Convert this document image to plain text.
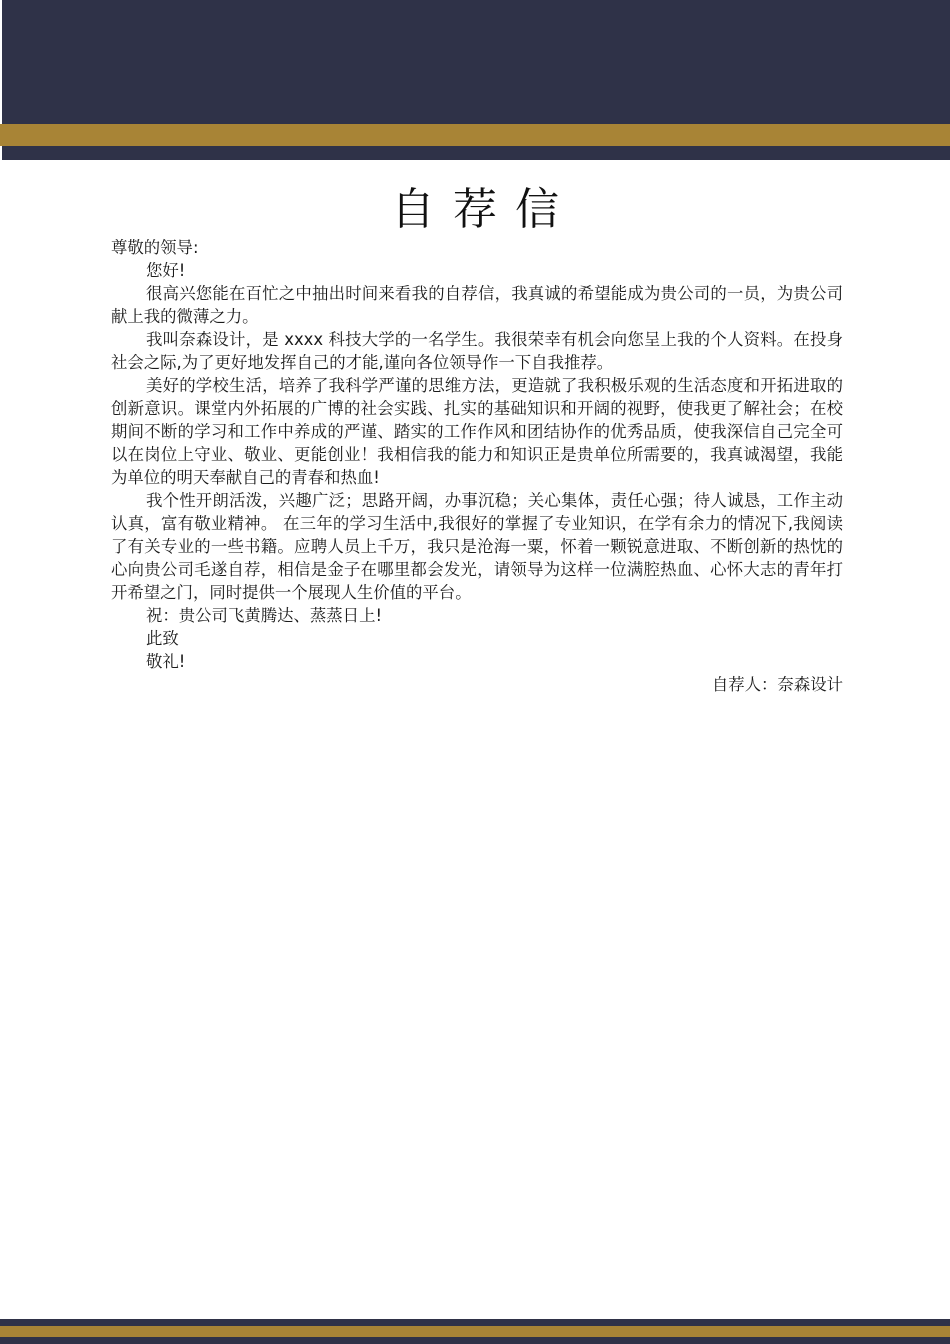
自荐信

尊敬的领导:

您好!

很高兴您能在百忙之中抽出时间来看我的自荐信，我真诚的希望能成为贵公司的一员，为贵公司献上我的微薄之力。

我叫奈森设计，是 xxxx 科技大学的一名学生。我很荣幸有机会向您呈上我的个人资料。在投身社会之际,为了更好地发挥自己的才能,谨向各位领导作一下自我推荐。

美好的学校生活，培养了我科学严谨的思维方法，更造就了我积极乐观的生活态度和开拓进取的创新意识。课堂内外拓展的广博的社会实践、扎实的基础知识和开阔的视野，使我更了解社会；在校期间不断的学习和工作中养成的严谨、踏实的工作作风和团结协作的优秀品质，使我深信自己完全可以在岗位上守业、敬业、更能创业！我相信我的能力和知识正是贵单位所需要的，我真诚渴望，我能为单位的明天奉献自己的青春和热血!

我个性开朗活泼，兴趣广泛；思路开阔，办事沉稳；关心集体，责任心强；待人诚恳，工作主动认真，富有敬业精神。 在三年的学习生活中,我很好的掌握了专业知识，在学有余力的情况下,我阅读了有关专业的一些书籍。应聘人员上千万，我只是沧海一粟，怀着一颗锐意进取、不断创新的热忱的心向贵公司毛遂自荐，相信是金子在哪里都会发光，请领导为这样一位满腔热血、心怀大志的青年打开希望之门，同时提供一个展现人生价值的平台。

祝：贵公司飞黄腾达、蒸蒸日上!

此致

敬礼!

自荐人：奈森设计
